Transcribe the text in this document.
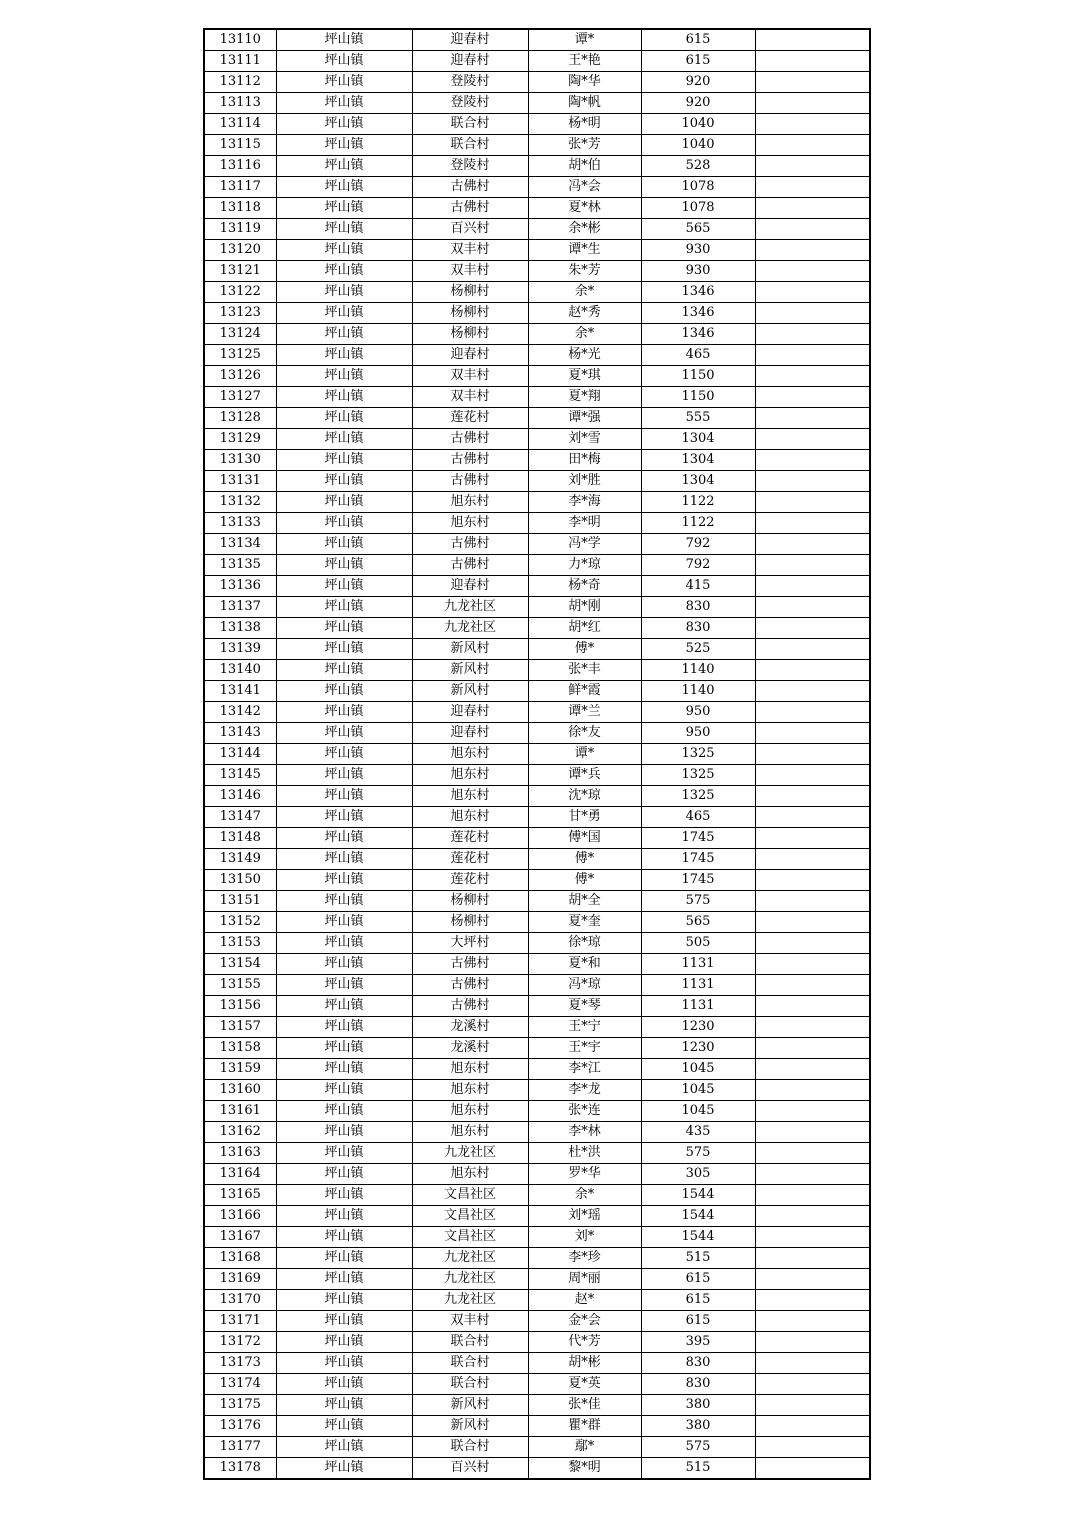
13110	坪山镇	迎春村	谭*	615	
13111	坪山镇	迎春村	王*艳	615	
13112	坪山镇	登陵村	陶*华	920	
13113	坪山镇	登陵村	陶*帆	920	
13114	坪山镇	联合村	杨*明	1040	
13115	坪山镇	联合村	张*芳	1040	
13116	坪山镇	登陵村	胡*伯	528	
13117	坪山镇	古佛村	冯*会	1078	
13118	坪山镇	古佛村	夏*林	1078	
13119	坪山镇	百兴村	余*彬	565	
13120	坪山镇	双丰村	谭*生	930	
13121	坪山镇	双丰村	朱*芳	930	
13122	坪山镇	杨柳村	余*	1346	
13123	坪山镇	杨柳村	赵*秀	1346	
13124	坪山镇	杨柳村	余*	1346	
13125	坪山镇	迎春村	杨*光	465	
13126	坪山镇	双丰村	夏*琪	1150	
13127	坪山镇	双丰村	夏*翔	1150	
13128	坪山镇	莲花村	谭*强	555	
13129	坪山镇	古佛村	刘*雪	1304	
13130	坪山镇	古佛村	田*梅	1304	
13131	坪山镇	古佛村	刘*胜	1304	
13132	坪山镇	旭东村	李*海	1122	
13133	坪山镇	旭东村	李*明	1122	
13134	坪山镇	古佛村	冯*学	792	
13135	坪山镇	古佛村	力*琼	792	
13136	坪山镇	迎春村	杨*奇	415	
13137	坪山镇	九龙社区	胡*刚	830	
13138	坪山镇	九龙社区	胡*红	830	
13139	坪山镇	新风村	傅*	525	
13140	坪山镇	新风村	张*丰	1140	
13141	坪山镇	新风村	鲜*霞	1140	
13142	坪山镇	迎春村	谭*兰	950	
13143	坪山镇	迎春村	徐*友	950	
13144	坪山镇	旭东村	谭*	1325	
13145	坪山镇	旭东村	谭*兵	1325	
13146	坪山镇	旭东村	沈*琼	1325	
13147	坪山镇	旭东村	甘*勇	465	
13148	坪山镇	莲花村	傅*国	1745	
13149	坪山镇	莲花村	傅*	1745	
13150	坪山镇	莲花村	傅*	1745	
13151	坪山镇	杨柳村	胡*全	575	
13152	坪山镇	杨柳村	夏*奎	565	
13153	坪山镇	大坪村	徐*琼	505	
13154	坪山镇	古佛村	夏*和	1131	
13155	坪山镇	古佛村	冯*琼	1131	
13156	坪山镇	古佛村	夏*琴	1131	
13157	坪山镇	龙溪村	王*宁	1230	
13158	坪山镇	龙溪村	王*宇	1230	
13159	坪山镇	旭东村	李*江	1045	
13160	坪山镇	旭东村	李*龙	1045	
13161	坪山镇	旭东村	张*连	1045	
13162	坪山镇	旭东村	李*林	435	
13163	坪山镇	九龙社区	杜*洪	575	
13164	坪山镇	旭东村	罗*华	305	
13165	坪山镇	文昌社区	余*	1544	
13166	坪山镇	文昌社区	刘*瑶	1544	
13167	坪山镇	文昌社区	刘*	1544	
13168	坪山镇	九龙社区	李*珍	515	
13169	坪山镇	九龙社区	周*丽	615	
13170	坪山镇	九龙社区	赵*	615	
13171	坪山镇	双丰村	金*会	615	
13172	坪山镇	联合村	代*芳	395	
13173	坪山镇	联合村	胡*彬	830	
13174	坪山镇	联合村	夏*英	830	
13175	坪山镇	新风村	张*佳	380	
13176	坪山镇	新风村	瞿*群	380	
13177	坪山镇	联合村	鄢*	575	
13178	坪山镇	百兴村	黎*明	515	
